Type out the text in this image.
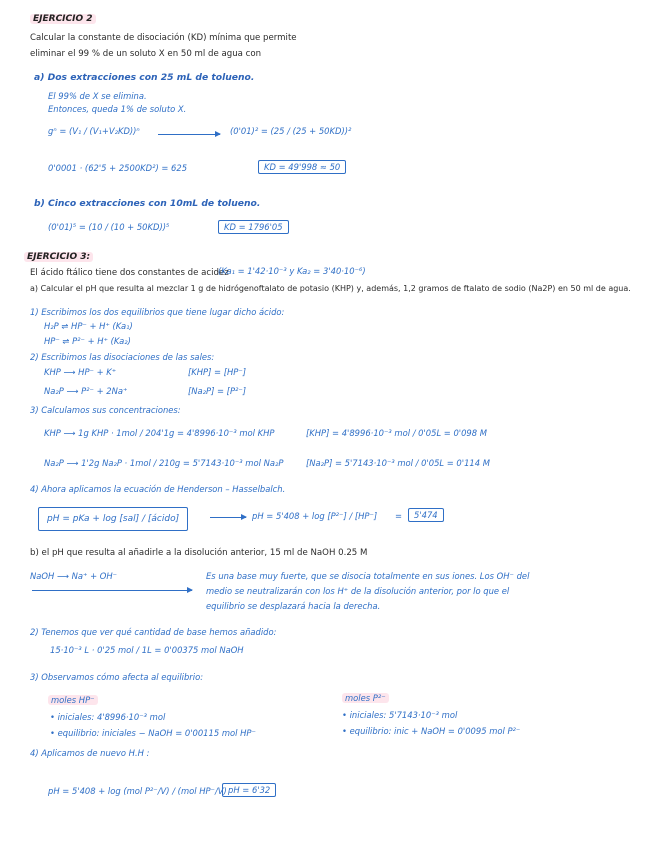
EJERCICIO 2
Calcular la constante de disociación (KD) mínima que permite
eliminar el 99 % de un soluto X en 50 ml de agua con
a) Dos extracciones con 25 mL de tolueno.
El 99% de X se elimina.
Entonces, queda 1% de soluto X.
gⁿ = (V₁ / (V₁+V₂KD))ⁿ	(0'01)² = (25 / (25 + 50KD))²
0'0001 · (62'5 + 2500KD²) = 625	KD = 49'998 ≈ 50
b) Cinco extracciones con 10mL de tolueno.
(0'01)⁵ = (10 / (10 + 50KD))⁵	KD = 1796'05
EJERCICIO 3:
El ácido ftálico tiene dos constantes de acidez
(Ka₁ = 1'42·10⁻³ y Ka₂ = 3'40·10⁻⁶)
a) Calcular el pH que resulta al mezclar 1 g de hidrógenoftalato de potasio (KHP) y, además, 1,2 gramos de ftalato de sodio (Na2P) en 50 ml de agua.
1) Escribimos los dos equilibrios que tiene lugar dicho ácido:
H₂P ⇌ HP⁻ + H⁺ (Ka₁)
HP⁻ ⇌ P²⁻ + H⁺ (Ka₂)
2) Escribimos las disociaciones de las sales:
KHP ⟶ HP⁻ + K⁺	[KHP] = [HP⁻]
Na₂P ⟶ P²⁻ + 2Na⁺	[Na₂P] = [P²⁻]
3) Calculamos sus concentraciones:
KHP ⟶ 1g KHP · 1mol / 204'1g = 4'8996·10⁻³ mol KHP	[KHP] = 4'8996·10⁻³ mol / 0'05L = 0'098 M
Na₂P ⟶ 1'2g Na₂P · 1mol / 210g = 5'7143·10⁻³ mol Na₂P	[Na₂P] = 5'7143·10⁻³ mol / 0'05L = 0'114 M
4) Ahora aplicamos la ecuación de Henderson – Hasselbalch.
pH = pKa + log [sal] / [ácido]	pH = 5'408 + log [P²⁻] / [HP⁻] =	5'474
b) el pH que resulta al añadirle a la disolución anterior, 15 ml de NaOH 0.25 M
NaOH ⟶ Na⁺ + OH⁻	Es una base muy fuerte, que se disocia totalmente en sus iones. Los OH⁻ del
medio se neutralizarán con los H⁺ de la disolución anterior, por lo que el
equilibrio se desplazará hacia la derecha.
2) Tenemos que ver qué cantidad de base hemos añadido:
15·10⁻³ L · 0'25 mol / 1L = 0'00375 mol NaOH
3) Observamos cómo afecta al equilibrio:
moles HP⁻
• iniciales: 4'8996·10⁻³ mol
• equilibrio: iniciales − NaOH = 0'00115 mol HP⁻
moles P²⁻
• iniciales: 5'7143·10⁻³ mol
• equilibrio: inic + NaOH = 0'0095 mol P²⁻
4) Aplicamos de nuevo H.H :
pH = 5'408 + log (mol P²⁻/V) / (mol HP⁻/V) pH = 6'32
